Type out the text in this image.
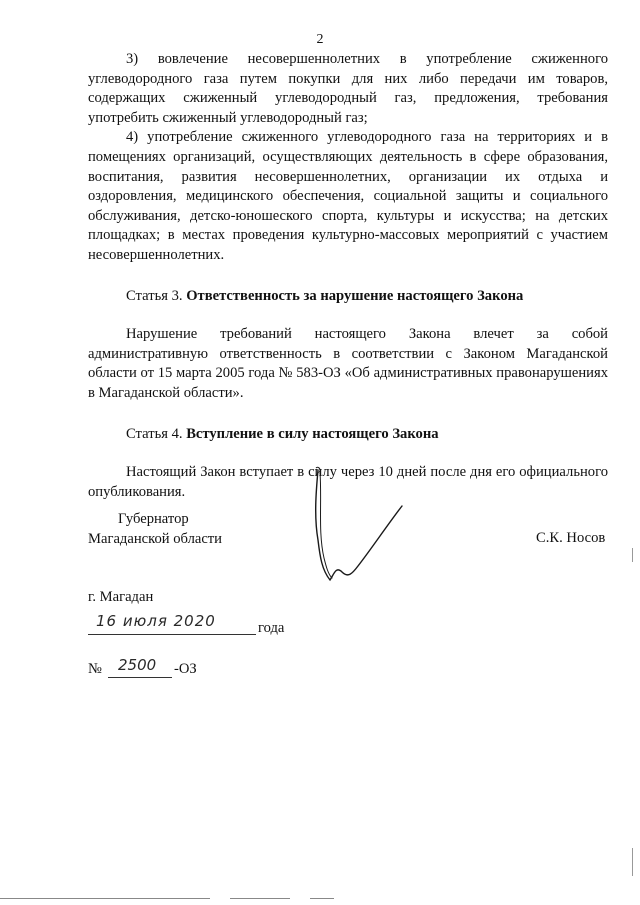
2

3) вовлечение несовершеннолетних в употребление сжиженного углеводородного газа путем покупки для них либо передачи им товаров, содержащих сжиженный углеводородный газ, предложения, требования употребить сжиженный углеводородный газ;

4) употребление сжиженного углеводородного газа на территориях и в помещениях организаций, осуществляющих деятельность в сфере образования, воспитания, развития несовершеннолетних, организации их отдыха и оздоровления, медицинского обеспечения, социальной защиты и социального обслуживания, детско-юношеского спорта, культуры и искусства; на детских площадках; в местах проведения культурно-массовых мероприятий с участием несовершеннолетних.

Статья 3. Ответственность за нарушение настоящего Закона

Нарушение требований настоящего Закона влечет за собой административную ответственность в соответствии с Законом Магаданской области от 15 марта 2005 года № 583-ОЗ «Об административных правонарушениях в Магаданской области».

Статья 4. Вступление в силу настоящего Закона

Настоящий Закон вступает в силу через 10 дней после дня его официального опубликования.

Губернатор
Магаданской области	С.К. Носов
г. Магадан
16 июля 2020	года
№ 2500 -ОЗ
